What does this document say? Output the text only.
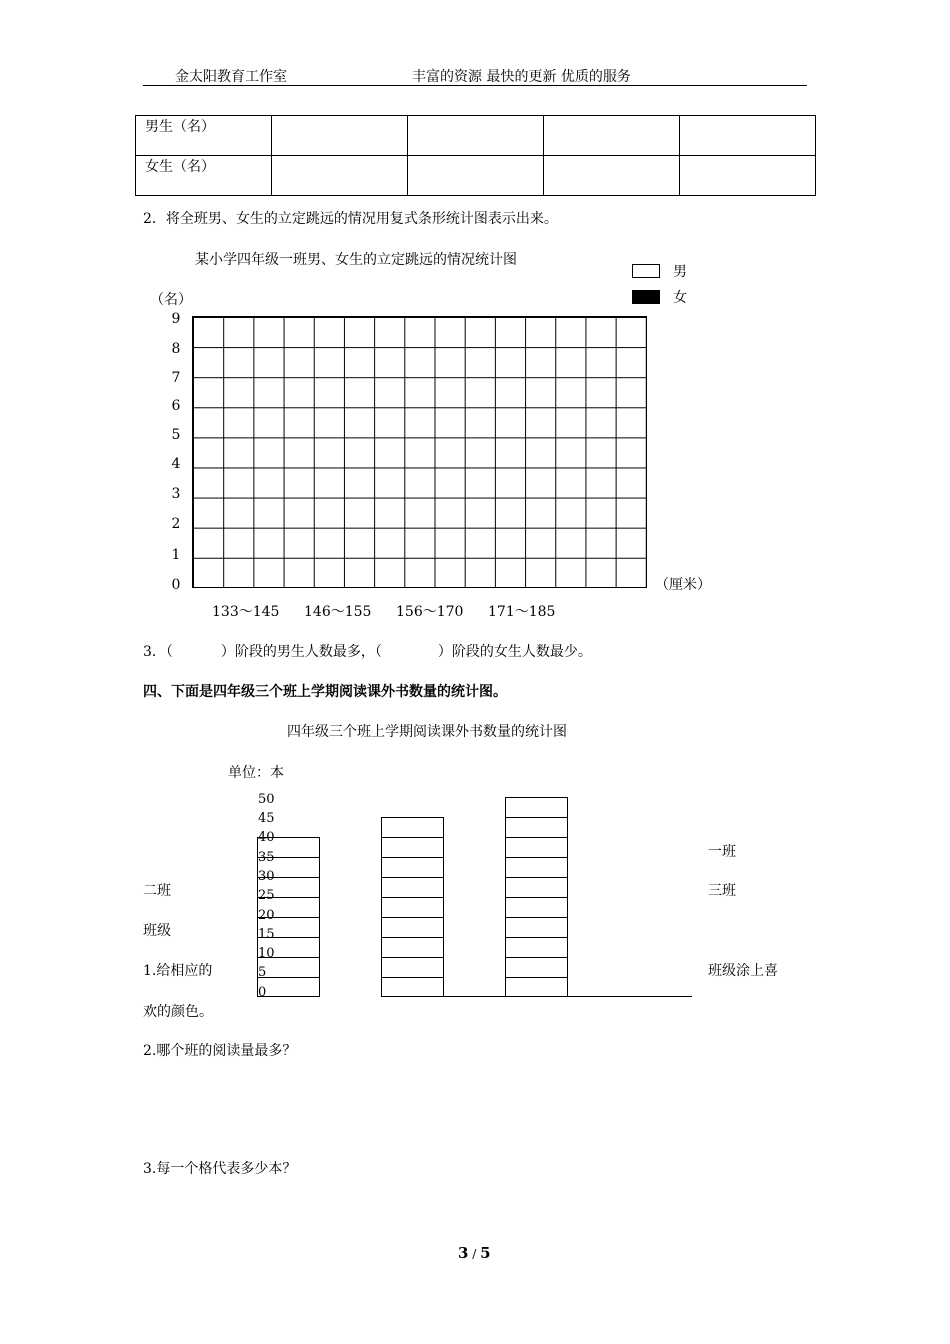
金太阳教育工作室	丰富的资源 最快的更新 优质的服务
男生（名）				
女生（名）				
2．将全班男、女生的立定跳远的情况用复式条形统计图表示出来。
某小学四年级一班男、女生的立定跳远的情况统计图
男
女
（名）
9
8
7
6
5
4
3
2
1
0	（厘米）
133～145 146～155 156～170 171～185
3．（	）阶段的男生人数最多，（	）阶段的女生人数最少。
四、下面是四年级三个班上学期阅读课外书数量的统计图。
四年级三个班上学期阅读课外书数量的统计图
单位：本
50
45
40
35
30
25
20
15
10
5
0
一班
二班	三班
班级
1.给相应的	班级涂上喜
欢的颜色。
2.哪个班的阅读量最多？
3.每一个格代表多少本？
3 / 5
